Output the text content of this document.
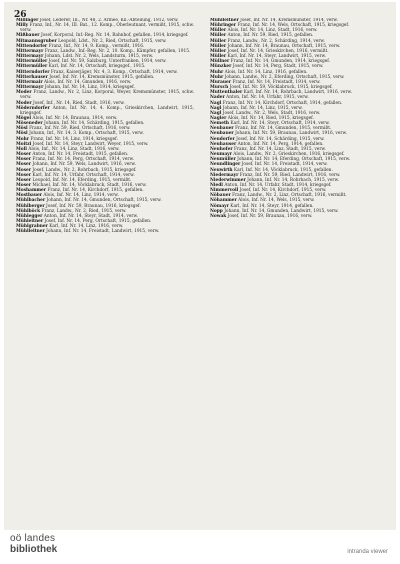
26

Millinger Josef, Lederer, III., Nr. 48, 2. Armee, Kn.-Abteilung, 1912, verw.

Milly Franz, Inf., Nr. 14, III. Bat., 12. Komp., Oberleutnant, vermißt, 1915, schw. verw.

Mißbauer Josef, Korporal, Inf.-Reg. Nr. 14, Bahnhof, gefallen, 1914, kriegsgef.

Mitmannsgruber Leopold, Ldst., Nr. 2, Ried, Ortschaft, 1915, verw.

Mittendorfer Franz, Inf., Nr. 14, 9. Komp., vermißt, 1916.

Mittermayr Franz, Landw., Inf.-Reg. Nr. 2, 10. Komp., Kämpfer, gefallen, 1915.

Mittermayr Johann, Ldst. Nr. 2, Wels, Landsturm, 1915, verw.

Mittermüller Josef, Inf. Nr. 59, Salzburg, Unterfranken, 1914, verw.

Mittermüller Karl, Inf. Nr. 14, Ortschaft, kriegsgef., 1915.

Mitterndorfer Franz, Kaiserjäger, Nr. 4, 3. Komp., Ortschaft, 1914, verw.

Mitterhauser Josef, Inf. Nr. 14, Kremsmünster, 1915, gefallen.

Mittermair Alois, Inf. Nr. 14, Gmunden, 1916, verw.

Mittermayr Johann, Inf. Nr. 14, Linz, 1914, kriegsgef.

Moder Franz, Landw., Nr. 2, Linz, Korporal, Weyer, Kremsmünster, 1915, schw. verw.

Moder Josef, Inf., Nr. 14, Ried, Stadt, 1916, verw.

Möderndorfer Anton, Inf. Nr. 14, 4. Komp., Grieskirchen, Landwirt, 1915, kriegsgef.

Mögel Alois, Inf. Nr. 14, Braunau, 1914, verw.

Möseneder Johann, Inf. Nr. 14, Schärding, 1915, gefallen.

Mösl Franz, Inf. Nr. 59, Ried, Ortschaft, 1916, verw.

Mösl Johann, Inf., Nr. 14, 3. Komp., Ortschaft, 1915, verw.

Mohr Franz, Inf. Nr. 14, Linz, 1914, kriegsgef.

Moitzi Josef, Inf. Nr. 14, Steyr, Landwirt, Weyer, 1915, verw.

Moll Alois, Inf., Nr. 14, Linz, Stadt, 1916, verw.

Moser Anton, Inf. Nr. 14, Freistadt, 1915, gefallen.

Moser Franz, Inf. Nr. 14, Perg, Ortschaft, 1914, verw.

Moser Johann, Inf. Nr. 59, Wels, Landwirt, 1916, verw.

Moser Josef, Landw., Nr. 2, Rohrbach, 1915, kriegsgef.

Moser Karl, Inf. Nr. 14, Urfahr, Ortschaft, 1914, verw.

Moser Leopold, Inf. Nr. 14, Eferding, 1915, vermißt.

Moser Michael, Inf. Nr. 14, Vöcklabruck, Stadt, 1916, verw.

Moshammer Franz, Inf. Nr. 14, Kirchdorf, 1915, gefallen.

Mostbauer Alois, Inf. Nr. 14, Linz, 1914, verw.

Mühlbacher Johann, Inf. Nr. 14, Gmunden, Ortschaft, 1915, verw.

Mühlberger Josef, Inf. Nr. 59, Braunau, 1916, kriegsgef.

Mühlböck Franz, Landw., Nr. 2, Ried, 1915, verw.

Mühlegger Anton, Inf. Nr. 14, Steyr, Stadt, 1914, verw.

Mühleitner Josef, Inf. Nr. 14, Perg, Ortschaft, 1915, gefallen.

Mühlgrabner Karl, Inf. Nr. 14, Linz, 1916, verw.

Mühlleitner Johann, Inf. Nr. 14, Freistadt, Landwirt, 1915, verw.

Mühlleitner Josef, Inf. Nr. 14, Kremsmünster, 1914, verw.

Mühringer Franz, Inf. Nr. 14, Wels, Ortschaft, 1915, kriegsgef.

Müller Alois, Inf. Nr. 14, Linz, Stadt, 1916, verw.

Müller Anton, Inf. Nr. 59, Ried, 1915, gefallen.

Müller Franz, Landw., Nr. 2, Schärding, 1914, verw.

Müller Johann, Inf. Nr. 14, Braunau, Ortschaft, 1915, verw.

Müller Josef, Inf. Nr. 14, Grieskirchen, 1916, vermißt.

Müller Karl, Inf. Nr. 14, Steyr, Landwirt, 1915, verw.

Müllner Franz, Inf. Nr. 14, Gmunden, 1914, kriegsgef.

Münzker Josef, Inf. Nr. 14, Perg, Stadt, 1915, verw.

Muhr Alois, Inf. Nr. 14, Linz, 1916, gefallen.

Muhr Johann, Landw., Nr. 2, Eferding, Ortschaft, 1915, verw.

Murauer Franz, Inf. Nr. 14, Freistadt, 1914, verw.

Mursch Josef, Inf. Nr. 59, Vöcklabruck, 1915, kriegsgef.

Muttenthaler Karl, Inf. Nr. 14, Rohrbach, Landwirt, 1916, verw.

Nader Anton, Inf. Nr. 14, Urfahr, 1915, verw.

Nagl Franz, Inf. Nr. 14, Kirchdorf, Ortschaft, 1914, gefallen.

Nagl Johann, Inf. Nr. 14, Linz, 1915, verw.

Nagl Josef, Landw., Nr. 2, Wels, Stadt, 1916, verw.

Nagler Alois, Inf. Nr. 14, Ried, 1915, kriegsgef.

Nemeth Karl, Inf. Nr. 14, Steyr, Ortschaft, 1914, verw.

Neubauer Franz, Inf. Nr. 14, Gmunden, 1915, vermißt.

Neubauer Johann, Inf. Nr. 59, Braunau, Landwirt, 1916, verw.

Neudorfer Josef, Inf. Nr. 14, Schärding, 1915, verw.

Neuhauser Anton, Inf. Nr. 14, Perg, 1914, gefallen.

Neuhofer Franz, Inf. Nr. 14, Linz, Stadt, 1915, verw.

Neumayr Alois, Landw., Nr. 2, Grieskirchen, 1916, kriegsgef.

Neumüller Johann, Inf. Nr. 14, Eferding, Ortschaft, 1915, verw.

Neundlinger Josef, Inf. Nr. 14, Freistadt, 1914, verw.

Neuwirth Karl, Inf. Nr. 14, Vöcklabruck, 1915, gefallen.

Niedermayr Franz, Inf. Nr. 59, Ried, Landwirt, 1916, verw.

Niederwimmer Johann, Inf. Nr. 14, Rohrbach, 1915, verw.

Niedl Anton, Inf. Nr. 14, Urfahr, Stadt, 1914, kriegsgef.

Nimmervoll Josef, Inf. Nr. 14, Kirchdorf, 1915, verw.

Nöbauer Franz, Landw., Nr. 2, Linz, Ortschaft, 1916, vermißt.

Nöhammer Alois, Inf. Nr. 14, Wels, 1915, verw.

Nömayr Karl, Inf. Nr. 14, Steyr, 1914, gefallen.

Nopp Johann, Inf. Nr. 14, Gmunden, Landwirt, 1915, verw.

Nowak Josef, Inf. Nr. 59, Braunau, 1916, verw.

oö landes
bibliothek	intranda viewer
